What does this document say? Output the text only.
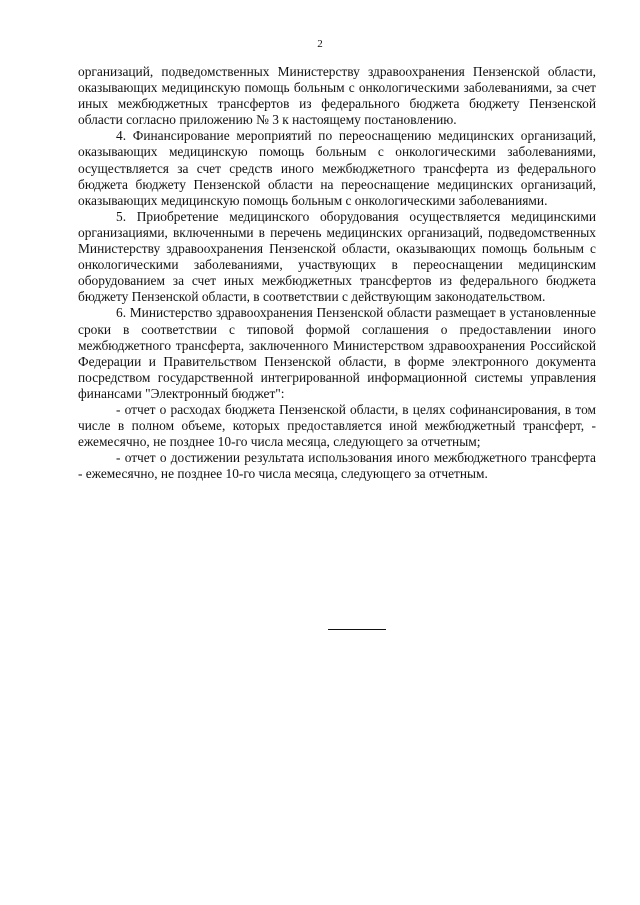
2

организаций, подведомственных Министерству здравоохранения Пензенской области, оказывающих медицинскую помощь больным с онкологическими заболеваниями, за счет иных межбюджетных трансфертов из федерального бюджета бюджету Пензенской области согласно приложению № 3 к настоящему постановлению.

4. Финансирование мероприятий по переоснащению медицинских организаций, оказывающих медицинскую помощь больным с онкологическими заболеваниями, осуществляется за счет средств иного межбюджетного трансферта из федерального бюджета бюджету Пензенской области на переоснащение медицинских организаций, оказывающих медицинскую помощь больным с онкологическими заболеваниями.

5. Приобретение медицинского оборудования осуществляется медицинскими организациями, включенными в перечень медицинских организаций, подведомственных Министерству здравоохранения Пензенской области, оказывающих помощь больным с онкологическими заболеваниями, участвующих в переоснащении медицинским оборудованием за счет иных межбюджетных трансфертов из федерального бюджета бюджету Пензенской области, в соответствии с действующим законодательством.

6. Министерство здравоохранения Пензенской области размещает в установленные сроки в соответствии с типовой формой соглашения о предоставлении иного межбюджетного трансферта, заключенного Министерством здравоохранения Российской Федерации и Правительством Пензенской области, в форме электронного документа посредством государственной интегрированной информационной системы управления финансами "Электронный бюджет":

- отчет о расходах бюджета Пензенской области, в целях софинансирования, в том числе в полном объеме, которых предоставляется иной межбюджетный трансферт, - ежемесячно, не позднее 10-го числа месяца, следующего за отчетным;

- отчет о достижении результата использования иного межбюджетного трансферта - ежемесячно, не позднее 10-го числа месяца, следующего за отчетным.
